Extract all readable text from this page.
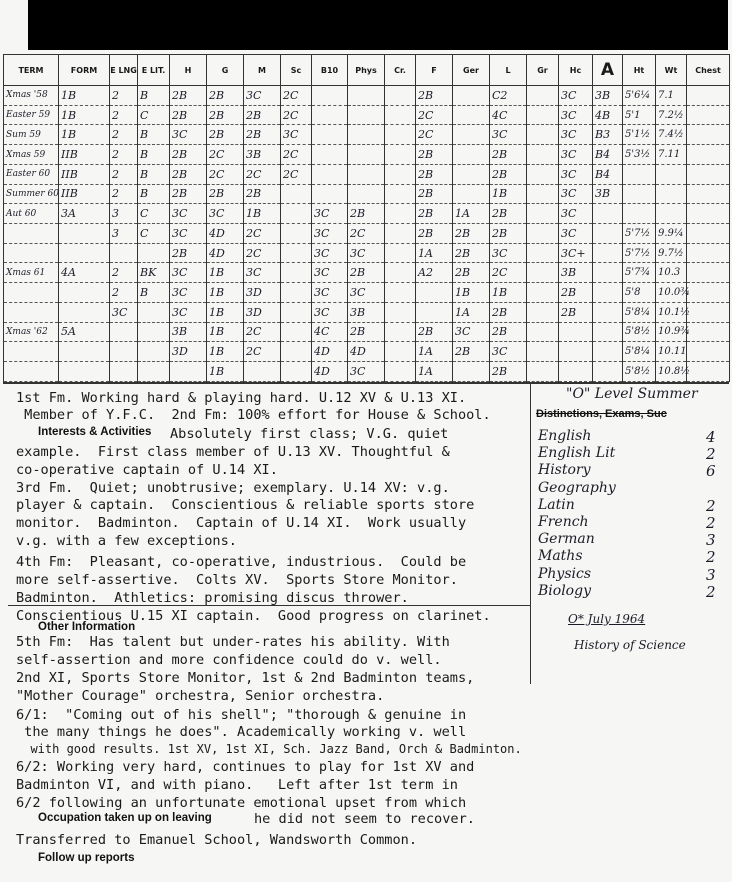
TERM	FORM	E LNG	E LIT.	H	G	M	Sc	B10	Phys	Cr.	F	Ger	L	Gr	Hc	A	Ht	Wt	Chest
Xmas '58	1B	2	B	2B	2B	3C	2C				2B		C2		3C	3B	5'6¼	7.1	
Easter 59	1B	2	C	2B	2B	2B	2C				2C		4C		3C	4B	5'1	7.2½	
Sum 59	1B	2	B	3C	2B	2B	3C				2C		3C		3C	B3	5'1½	7.4½	
Xmas 59	IIB	2	B	2B	2C	3B	2C				2B		2B		3C	B4	5'3½	7.11	
Easter 60	IIB	2	B	2B	2C	2C	2C				2B		2B		3C	B4			
Summer 60	IIB	2	B	2B	2B	2B					2B		1B		3C	3B			
Aut 60	3A	3	C	3C	3C	1B		3C	2B		2B	1A	2B		3C				
		3	C	3C	4D	2C		3C	2C		2B	2B	2B		3C		5'7½	9.9¼	
				2B	4D	2C		3C	3C		1A	2B	3C		3C+		5'7½	9.7½	
Xmas 61	4A	2	BK	3C	1B	3C		3C	2B		A2	2B	2C		3B		5'7¾	10.3	
		2	B	3C	1B	3D		3C	3C			1B	1B		2B		5'8	10.0¾	
		3C		3C	1B	3D		3C	3B			1A	2B		2B		5'8¼	10.1½	
Xmas '62	5A			3B	1B	2C		4C	2B		2B	3C	2B				5'8½	10.9¾	
				3D	1B	2C		4D	4D		1A	2B	3C				5'8¼	10.11	
					1B			4D	3C		1A		2B				5'8½	10.8½	
1st Fm. Working hard & playing hard. U.12 XV & U.13 XI.
Member of Y.F.C.  2nd Fm: 100% effort for House & School.
Interests & Activities Absolutely first class; V.G. quiet
example.  First class member of U.13 XV. Thoughtful &
co-operative captain of U.14 XI.
3rd Fm.  Quiet; unobtrusive; exemplary. U.14 XV: v.g.
player & captain.  Conscientious & reliable sports store
monitor.  Badminton.  Captain of U.14 XI.  Work usually
v.g. with a few exceptions.
4th Fm:  Pleasant, co-operative, industrious.  Could be
more self-assertive.  Colts XV.  Sports Store Monitor.
Badminton.  Athletics: promising discus thrower.
Conscientious U.15 XI captain.  Good progress on clarinet.
Other Information
5th Fm:  Has talent but under-rates his ability. With
self-assertion and more confidence could do v. well.
2nd XI, Sports Store Monitor, 1st & 2nd Badminton teams,
"Mother Courage" orchestra, Senior orchestra.
6/1:  "Coming out of his shell"; "thorough & genuine in
the many things he does". Academically working v. well
with good results. 1st XV, 1st XI, Sch. Jazz Band, Orch & Badminton.
6/2: Working very hard, continues to play for 1st XV and
Badminton VI, and with piano.   Left after 1st term in
6/2 following an unfortunate emotional upset from which
Occupation taken up on leaving	he did not seem to recover.
Transferred to Emanuel School, Wandsworth Common.
Follow up reports
"O" Level Summer
Distinctions, Exams, Suc
English	4
English Lit	2
History	6
Geography
Latin	2
French	2
German	3
Maths	2
Physics	3
Biology	2
O* July 1964
History of Science
